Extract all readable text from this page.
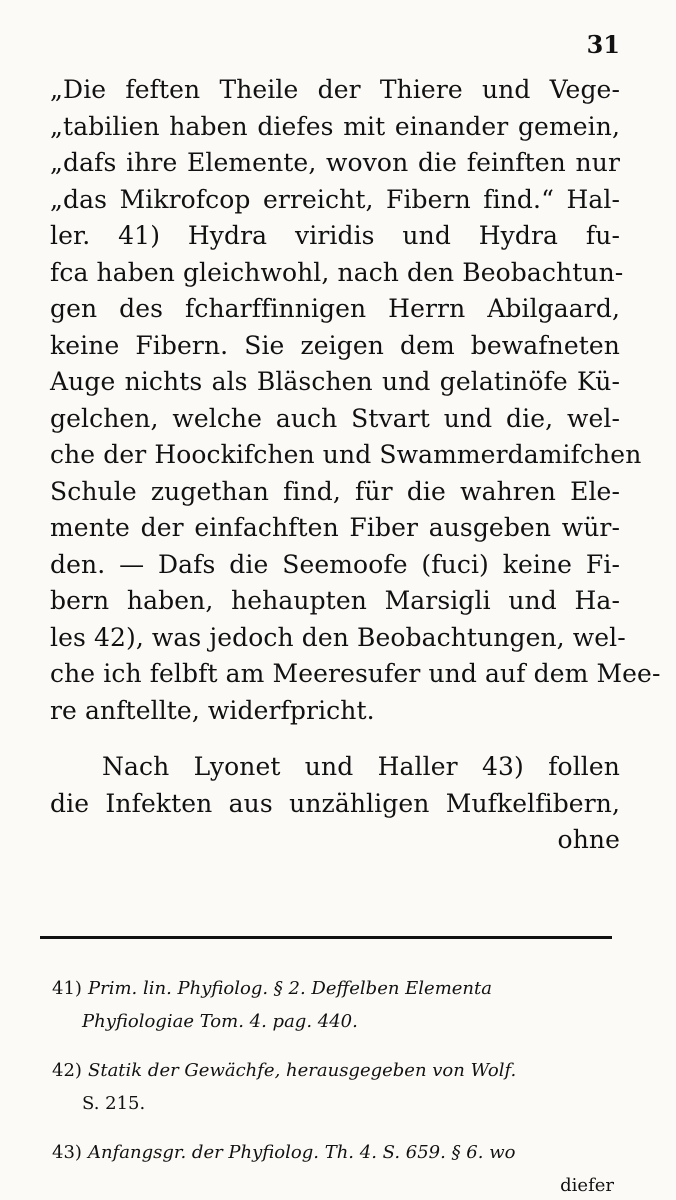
31
„Die feften Theile der Thiere und Vege-
„tabilien haben diefes mit einander gemein,
„dafs ihre Elemente, wovon die feinften nur
„das Mikrofcop erreicht, Fibern find.“ Hal-
ler. 41) Hydra viridis und Hydra fu-
fca haben gleichwohl, nach den Beobachtun-
gen des fcharffinnigen Herrn Abilgaard,
keine Fibern. Sie zeigen dem bewafneten
Auge nichts als Bläschen und gelatinöfe Kü-
gelchen, welche auch Stvart und die, wel-
che der Hoockifchen und Swammerdamifchen
Schule zugethan find, für die wahren Ele-
mente der einfachften Fiber ausgeben wür-
den. — Dafs die Seemoofe (fuci) keine Fi-
bern haben, hehaupten Marsigli und Ha-
les 42), was jedoch den Beobachtungen, wel-
che ich felbft am Meeresufer und auf dem Mee-
re anftellte, widerfpricht.
Nach Lyonet und Haller 43) follen
die Infekten aus unzähligen Mufkelfibern,
ohne
41) Prim. lin. Phyfiolog. § 2. Deffelben Elementa
Phyfiologiae Tom. 4. pag. 440.
42) Statik der Gewächfe, herausgegeben von Wolf.
S. 215.
43) Anfangsgr. der Phyfiolog. Th. 4. S. 659. § 6. wo
diefer
